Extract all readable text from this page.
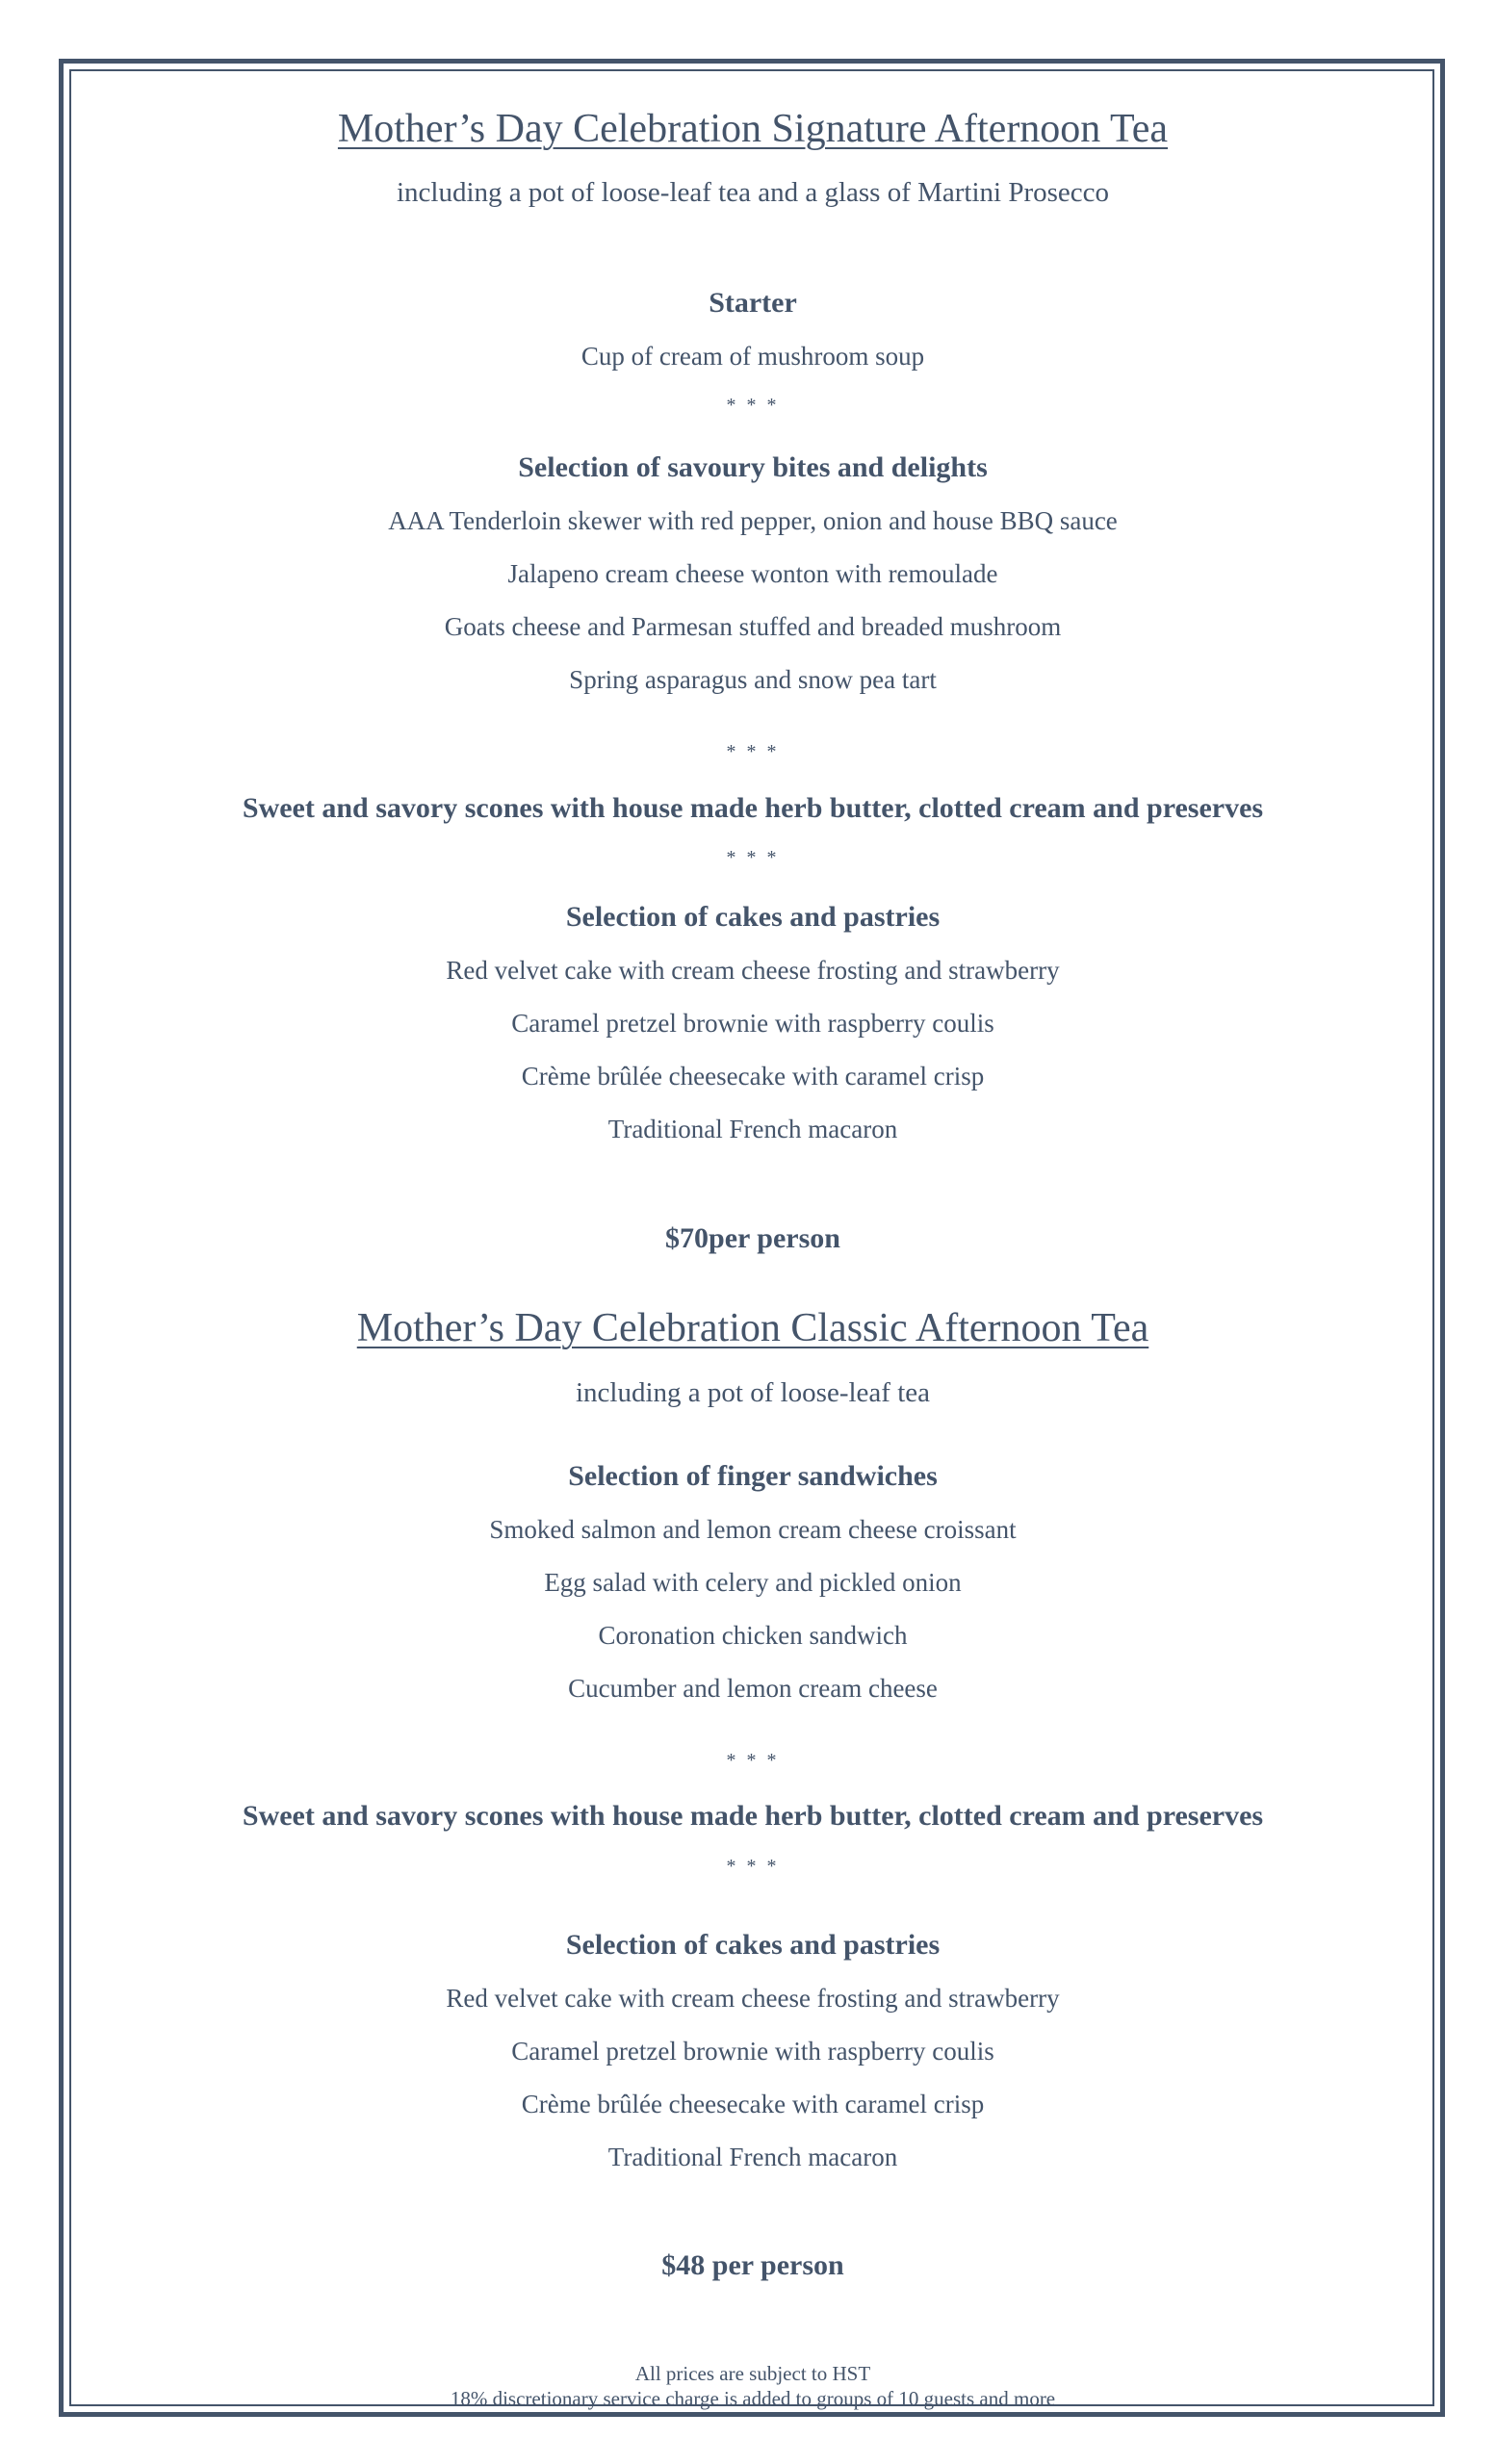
Mother’s Day Celebration Signature Afternoon Tea
including a pot of loose-leaf tea and a glass of Martini Prosecco
Starter
Cup of cream of mushroom soup
* * *
Selection of savoury bites and delights
AAA Tenderloin skewer with red pepper, onion and house BBQ sauce
Jalapeno cream cheese wonton with remoulade
Goats cheese and Parmesan stuffed and breaded mushroom
Spring asparagus and snow pea tart
* * *
Sweet and savory scones with house made herb butter, clotted cream and preserves
* * *
Selection of cakes and pastries
Red velvet cake with cream cheese frosting and strawberry
Caramel pretzel brownie with raspberry coulis
Crème brûlée cheesecake with caramel crisp
Traditional French macaron
$70per person
Mother’s Day Celebration Classic Afternoon Tea
including a pot of loose-leaf tea
Selection of finger sandwiches
Smoked salmon and lemon cream cheese croissant
Egg salad with celery and pickled onion
Coronation chicken sandwich
Cucumber and lemon cream cheese
* * *
Sweet and savory scones with house made herb butter, clotted cream and preserves
* * *
Selection of cakes and pastries
Red velvet cake with cream cheese frosting and strawberry
Caramel pretzel brownie with raspberry coulis
Crème brûlée cheesecake with caramel crisp
Traditional French macaron
$48 per person
All prices are subject to HST
18% discretionary service charge is added to groups of 10 guests and more
